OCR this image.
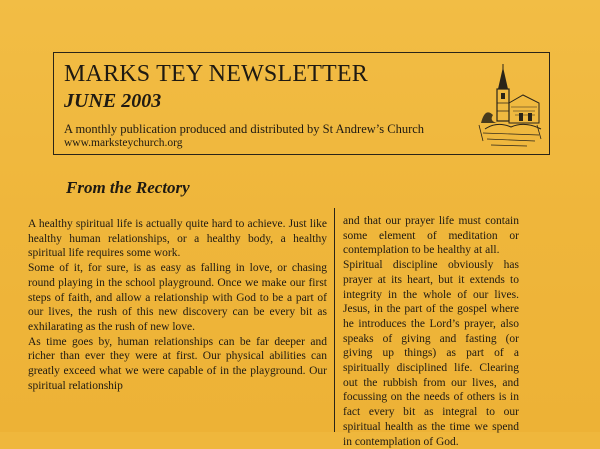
MARKS TEY NEWSLETTER
JUNE 2003
A monthly publication produced and distributed by St Andrew’s Church
www.marksteychurch.org
From the Rectory

A healthy spiritual life is actually quite hard to achieve. Just like healthy human relationships, or a healthy body, a healthy spiritual life requires some work.

Some of it, for sure, is as easy as falling in love, or chasing round playing in the school playground. Once we make our first steps of faith, and allow a relationship with God to be a part of our lives, the rush of this new discovery can be every bit as exhilarating as the rush of new love.

As time goes by, human relationships can be far deeper and richer than ever they were at first. Our physical abilities can greatly exceed what we were capable of in the playground. Our spiritual relationship

and that our prayer life must contain some element of meditation or contemplation to be healthy at all.

Spiritual discipline obviously has prayer at its heart, but it extends to integrity in the whole of our lives. Jesus, in the part of the gospel where he introduces the Lord’s prayer, also speaks of giving and fasting (or giving up things) as part of a spiritually disciplined life. Clearing out the rubbish from our lives, and focussing on the needs of others is in fact every bit as integral to our spiritual health as the time we spend in contemplation of God.
